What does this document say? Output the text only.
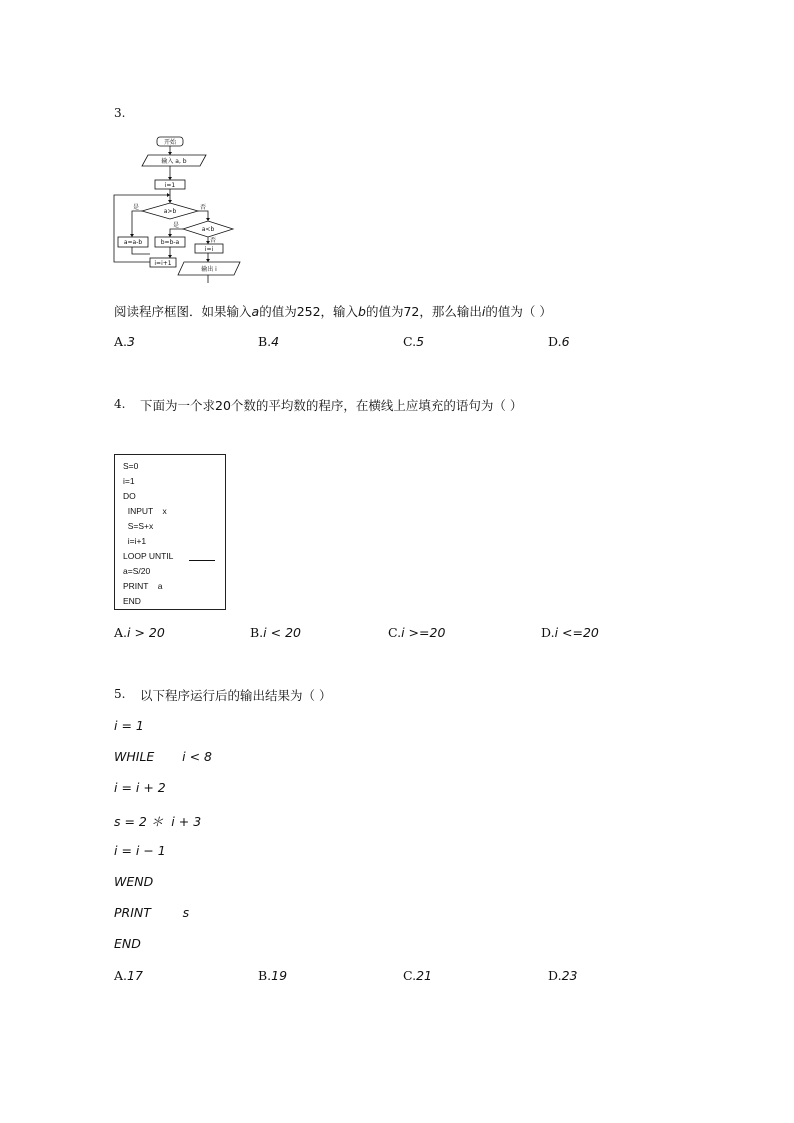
3.
开始
输入 a, b
i=1
a>b
是	否
a<b
是
否
a=a-b	b=b-a
i=i
i=i+1
输出 i
阅读程序框图．如果输入a的值为252，输入b的值为72，那么输出i的值为（ ）
A.3	B.4	C.5	D.6
4. 下面为一个求20个数的平均数的程序，在横线上应填充的语句为（ ）
S=0
i=1
DO
INPUT    x
S=S+x
i=i+1
LOOP UNTIL
a=S/20
PRINT    a
END
A.i > 20	B.i < 20	C.i >=20	D.i <=20
5. 以下程序运行后的输出结果为（ ）
i = 1
WHILE       i < 8
i = i + 2
s = 2 ＊  i + 3
i = i − 1
WEND
PRINT        s
END
A.17	B.19	C.21	D.23
